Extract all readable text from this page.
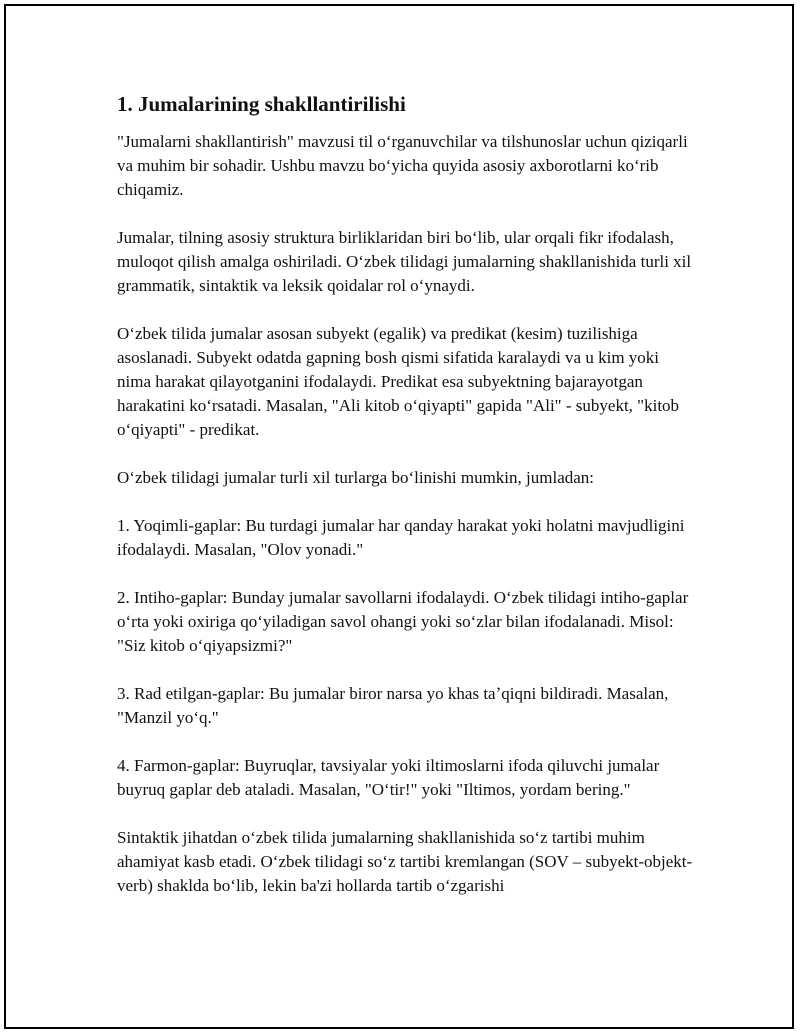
1. Jumalarining shakllantirilishi

"Jumalarni shakllantirish" mavzusi til oʻrganuvchilar va tilshunoslar uchun qiziqarli va muhim bir sohadir. Ushbu mavzu boʻyicha quyida asosiy axborotlarni koʻrib chiqamiz.

Jumalar, tilning asosiy struktura birliklaridan biri boʻlib, ular orqali fikr ifodalash, muloqot qilish amalga oshiriladi. Oʻzbek tilidagi jumalarning shakllanishida turli xil grammatik, sintaktik va leksik qoidalar rol oʻynaydi.

Oʻzbek tilida jumalar asosan subyekt (egalik) va predikat (kesim) tuzilishiga asoslanadi. Subyekt odatda gapning bosh qismi sifatida karalaydi va u kim yoki nima harakat qilayotganini ifodalaydi. Predikat esa subyektning bajarayotgan harakatini koʻrsatadi. Masalan, "Ali kitob oʻqiyapti" gapida "Ali" - subyekt, "kitob oʻqiyapti" - predikat.

Oʻzbek tilidagi jumalar turli xil turlarga boʻlinishi mumkin, jumladan:

1. Yoqimli-gaplar: Bu turdagi jumalar har qanday harakat yoki holatni mavjudligini ifodalaydi. Masalan, "Olov yonadi."

2. Intiho-gaplar: Bunday jumalar savollarni ifodalaydi. Oʻzbek tilidagi intiho-gaplar oʻrta yoki oxiriga qoʻyiladigan savol ohangi yoki soʻzlar bilan ifodalanadi. Misol: "Siz kitob oʻqiyapsizmi?"

3. Rad etilgan-gaplar: Bu jumalar biror narsa yo khas taʼqiqni bildiradi. Masalan, "Manzil yoʻq."

4. Farmon-gaplar: Buyruqlar, tavsiyalar yoki iltimoslarni ifoda qiluvchi jumalar buyruq gaplar deb ataladi. Masalan, "Oʻtir!" yoki "Iltimos, yordam bering."

Sintaktik jihatdan oʻzbek tilida jumalarning shakllanishida soʻz tartibi muhim ahamiyat kasb etadi. Oʻzbek tilidagi soʻz tartibi kremlangan (SOV – subyekt-objekt-verb) shaklda boʻlib, lekin ba'zi hollarda tartib oʻzgarishi
